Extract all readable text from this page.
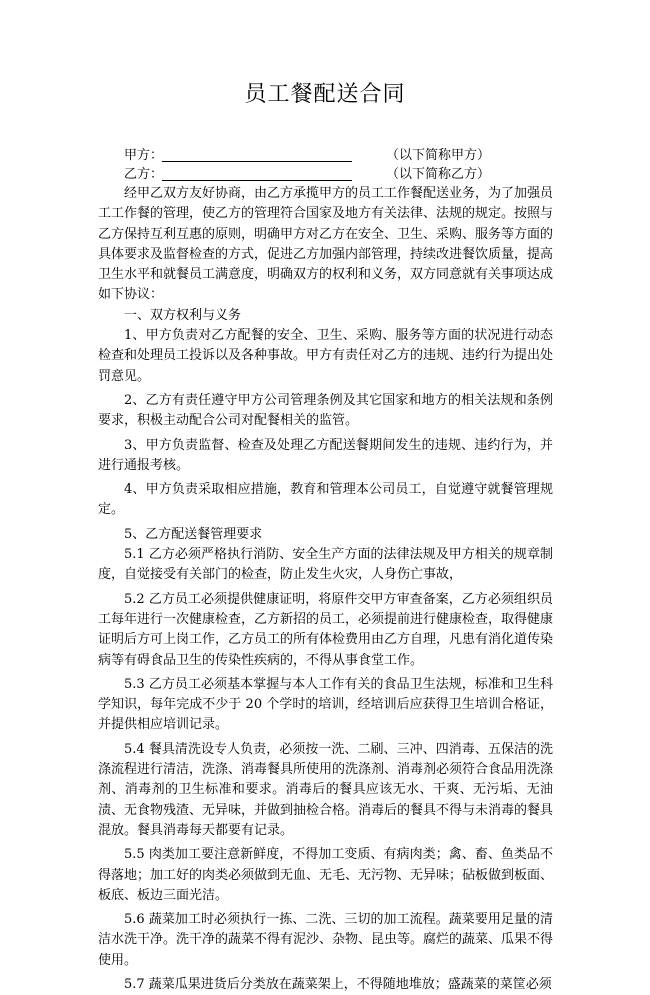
员工餐配送合同
甲方：	（以下简称甲方）
乙方：	（以下简称乙方）

经甲乙双方友好协商，由乙方承揽甲方的员工工作餐配送业务，为了加强员工工作餐的管理，使乙方的管理符合国家及地方有关法律、法规的规定。按照与乙方保持互利互惠的原则，明确甲方对乙方在安全、卫生、采购、服务等方面的具体要求及监督检查的方式，促进乙方加强内部管理，持续改进餐饮质量，提高卫生水平和就餐员工满意度，明确双方的权利和义务，双方同意就有关事项达成如下协议：

一、双方权利与义务

1、甲方负责对乙方配餐的安全、卫生、采购、服务等方面的状况进行动态检查和处理员工投诉以及各种事故。甲方有责任对乙方的违规、违约行为提出处罚意见。

2、乙方有责任遵守甲方公司管理条例及其它国家和地方的相关法规和条例要求，积极主动配合公司对配餐相关的监管。

3、甲方负责监督、检查及处理乙方配送餐期间发生的违规、违约行为，并进行通报考核。

4、甲方负责采取相应措施，教育和管理本公司员工，自觉遵守就餐管理规定。

5、乙方配送餐管理要求

5.1 乙方必须严格执行消防、安全生产方面的法律法规及甲方相关的规章制度，自觉接受有关部门的检查，防止发生火灾，人身伤亡事故，

5.2 乙方员工必须提供健康证明，将原件交甲方审查备案，乙方必须组织员工每年进行一次健康检查，乙方新招的员工，必须提前进行健康检查，取得健康证明后方可上岗工作，乙方员工的所有体检费用由乙方自理，凡患有消化道传染病等有碍食品卫生的传染性疾病的，不得从事食堂工作。

5.3 乙方员工必须基本掌握与本人工作有关的食品卫生法规，标准和卫生科学知识，每年完成不少于 20 个学时的培训，经培训后应获得卫生培训合格证，并提供相应培训记录。

5.4 餐具清洗设专人负责，必须按一洗、二刷、三冲、四消毒、五保洁的洗涤流程进行清洁，洗涤、消毒餐具所使用的洗涤剂、消毒剂必须符合食品用洗涤剂、消毒剂的卫生标准和要求。消毒后的餐具应该无水、干爽、无污垢、无油渍、无食物残渣、无异味，并做到抽检合格。消毒后的餐具不得与未消毒的餐具混放。餐具消毒每天都要有记录。

5.5 肉类加工要注意新鲜度，不得加工变质、有病肉类；禽、畜、鱼类品不得落地；加工好的肉类必须做到无血、无毛、无污物、无异味；砧板做到板面、板底、板边三面光洁。

5.6 蔬菜加工时必须执行一拣、二洗、三切的加工流程。蔬菜要用足量的清洁水洗干净。洗干净的蔬菜不得有泥沙、杂物、昆虫等。腐烂的蔬菜、瓜果不得使用。

5.7 蔬菜瓜果进货后分类放在蔬菜架上，不得随地堆放；盛蔬菜的菜筐必须
